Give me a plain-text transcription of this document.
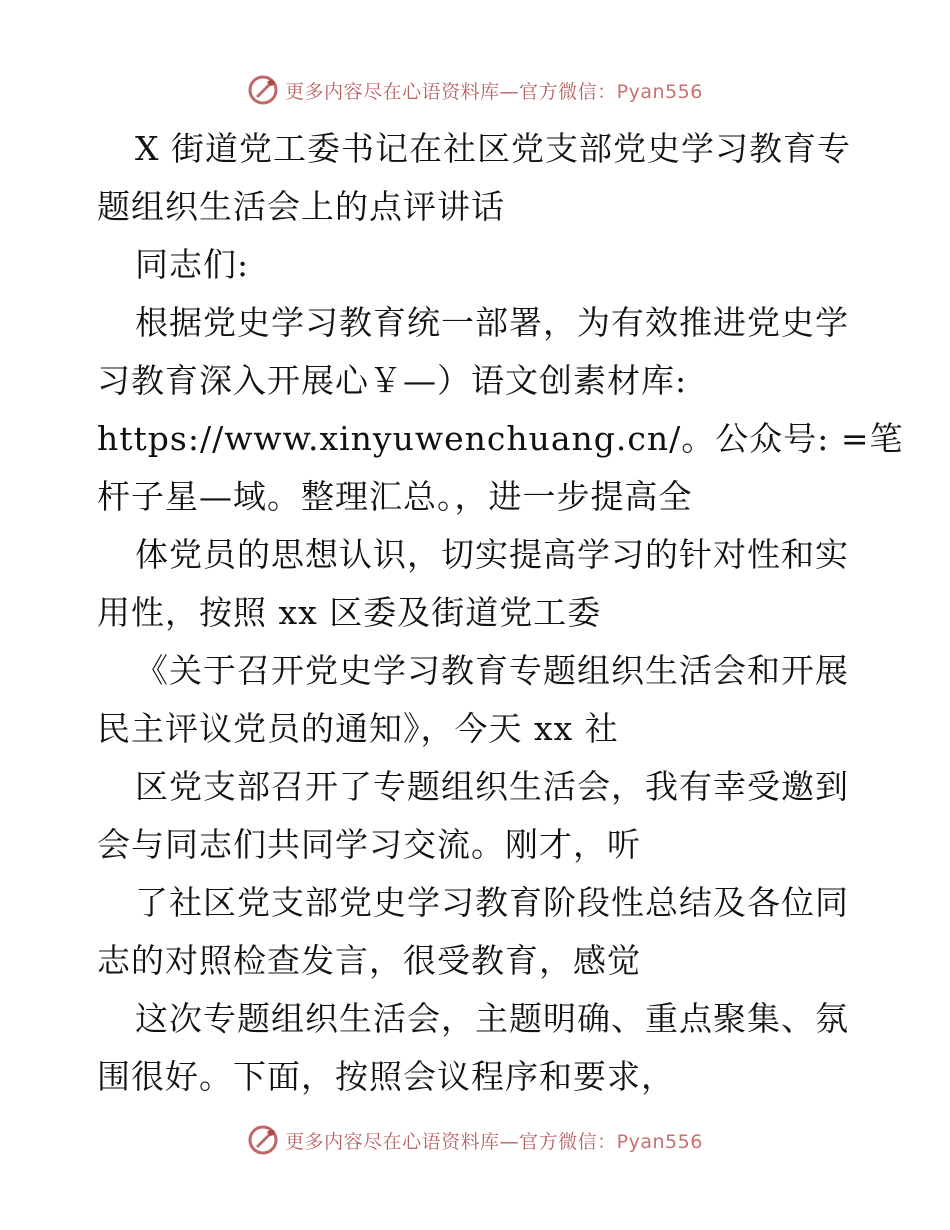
更多内容尽在心语资料库—官方微信：Pyan556
X 街道党工委书记在社区党支部党史学习教育专
题组织生活会上的点评讲话
同志们:
根据党史学习教育统一部署，为有效推进党史学
习教育深入开展心￥—）语文创素材库:
https://www.xinyuwenchuang.cn/。公众号: =笔
杆子星—域。整理汇总。，进一步提高全
体党员的思想认识，切实提高学习的针对性和实
用性，按照 xx 区委及街道党工委
《关于召开党史学习教育专题组织生活会和开展
民主评议党员的通知》，今天 xx 社
区党支部召开了专题组织生活会，我有幸受邀到
会与同志们共同学习交流。刚才，听
了社区党支部党史学习教育阶段性总结及各位同
志的对照检查发言，很受教育，感觉
这次专题组织生活会，主题明确、重点聚集、氛
围很好。下面，按照会议程序和要求，
更多内容尽在心语资料库—官方微信：Pyan556
